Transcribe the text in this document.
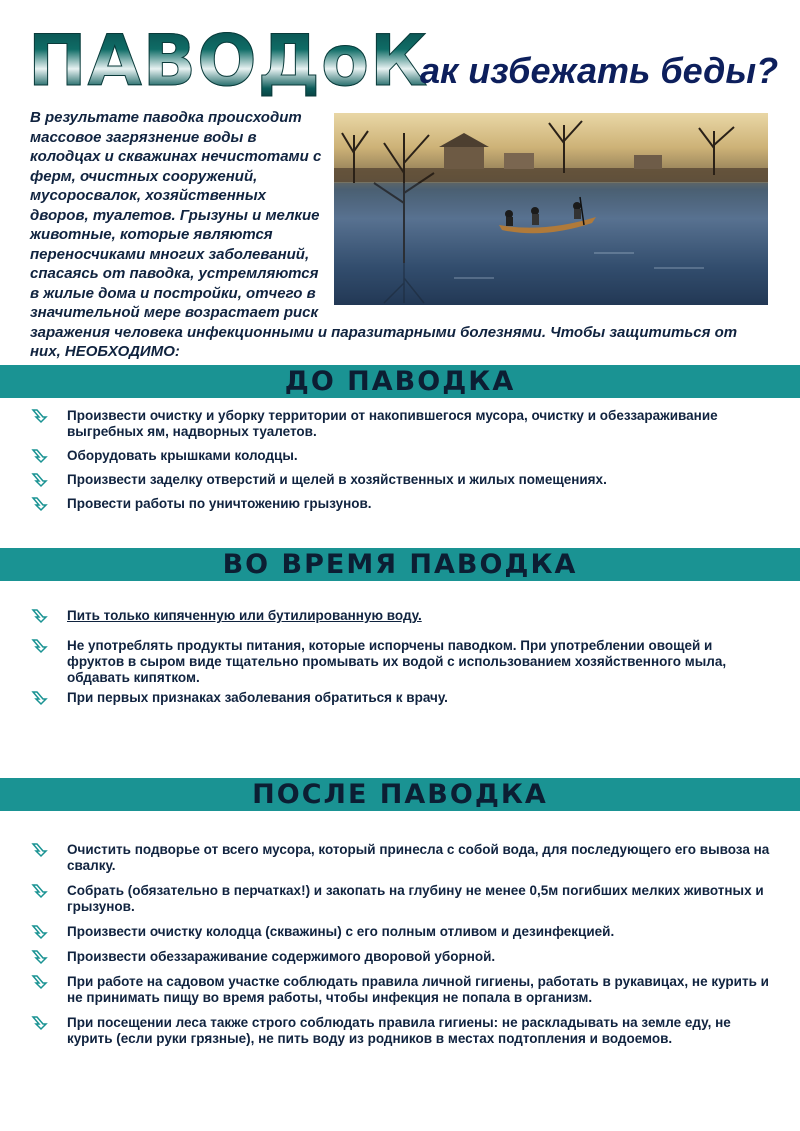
ПАВОДоК
ак избежать беды?
В результате паводка происходит массовое загрязнение воды в колодцах и скважинах нечистотами с ферм, очистных сооружений, мусоросвалок, хозяйственных дворов, туалетов. Грызуны и мелкие животные, которые являются переносчиками многих заболеваний, спасаясь от паводка, устремляются в жилые дома и постройки, отчего в значительной мере возрастает риск заражения человека инфекционными и паразитарными болезнями. Чтобы защититься от них, НЕОБХОДИМО:
ДО ПАВОДКА
Произвести очистку и уборку территории от накопившегося мусора, очистку и обеззараживание выгребных ям, надворных туалетов.
Оборудовать крышками колодцы.
Произвести заделку отверстий и щелей в хозяйственных и жилых помещениях.
Провести работы по уничтожению грызунов.
ВО ВРЕМЯ ПАВОДКА
Пить только кипяченную или бутилированную воду.
Не употреблять продукты питания, которые испорчены паводком. При употреблении овощей и фруктов в сыром виде тщательно промывать их водой с использованием хозяйственного мыла, обдавать кипятком.
При первых признаках заболевания обратиться к врачу.
ПОСЛЕ ПАВОДКА
Очистить подворье от всего мусора, который принесла с собой вода, для последующего его вывоза на свалку.
Собрать (обязательно в перчатках!) и закопать на глубину не менее 0,5м погибших мелких животных и грызунов.
Произвести очистку колодца (скважины) с его полным отливом и дезинфекцией.
Произвести обеззараживание содержимого дворовой уборной.
При работе на садовом участке соблюдать правила личной гигиены, работать в рукавицах, не курить и не принимать пищу во время работы, чтобы инфекция не попала в организм.
При посещении леса также строго соблюдать правила гигиены: не раскладывать на земле еду, не курить (если руки грязные), не пить воду из родников в местах подтопления и водоемов.
